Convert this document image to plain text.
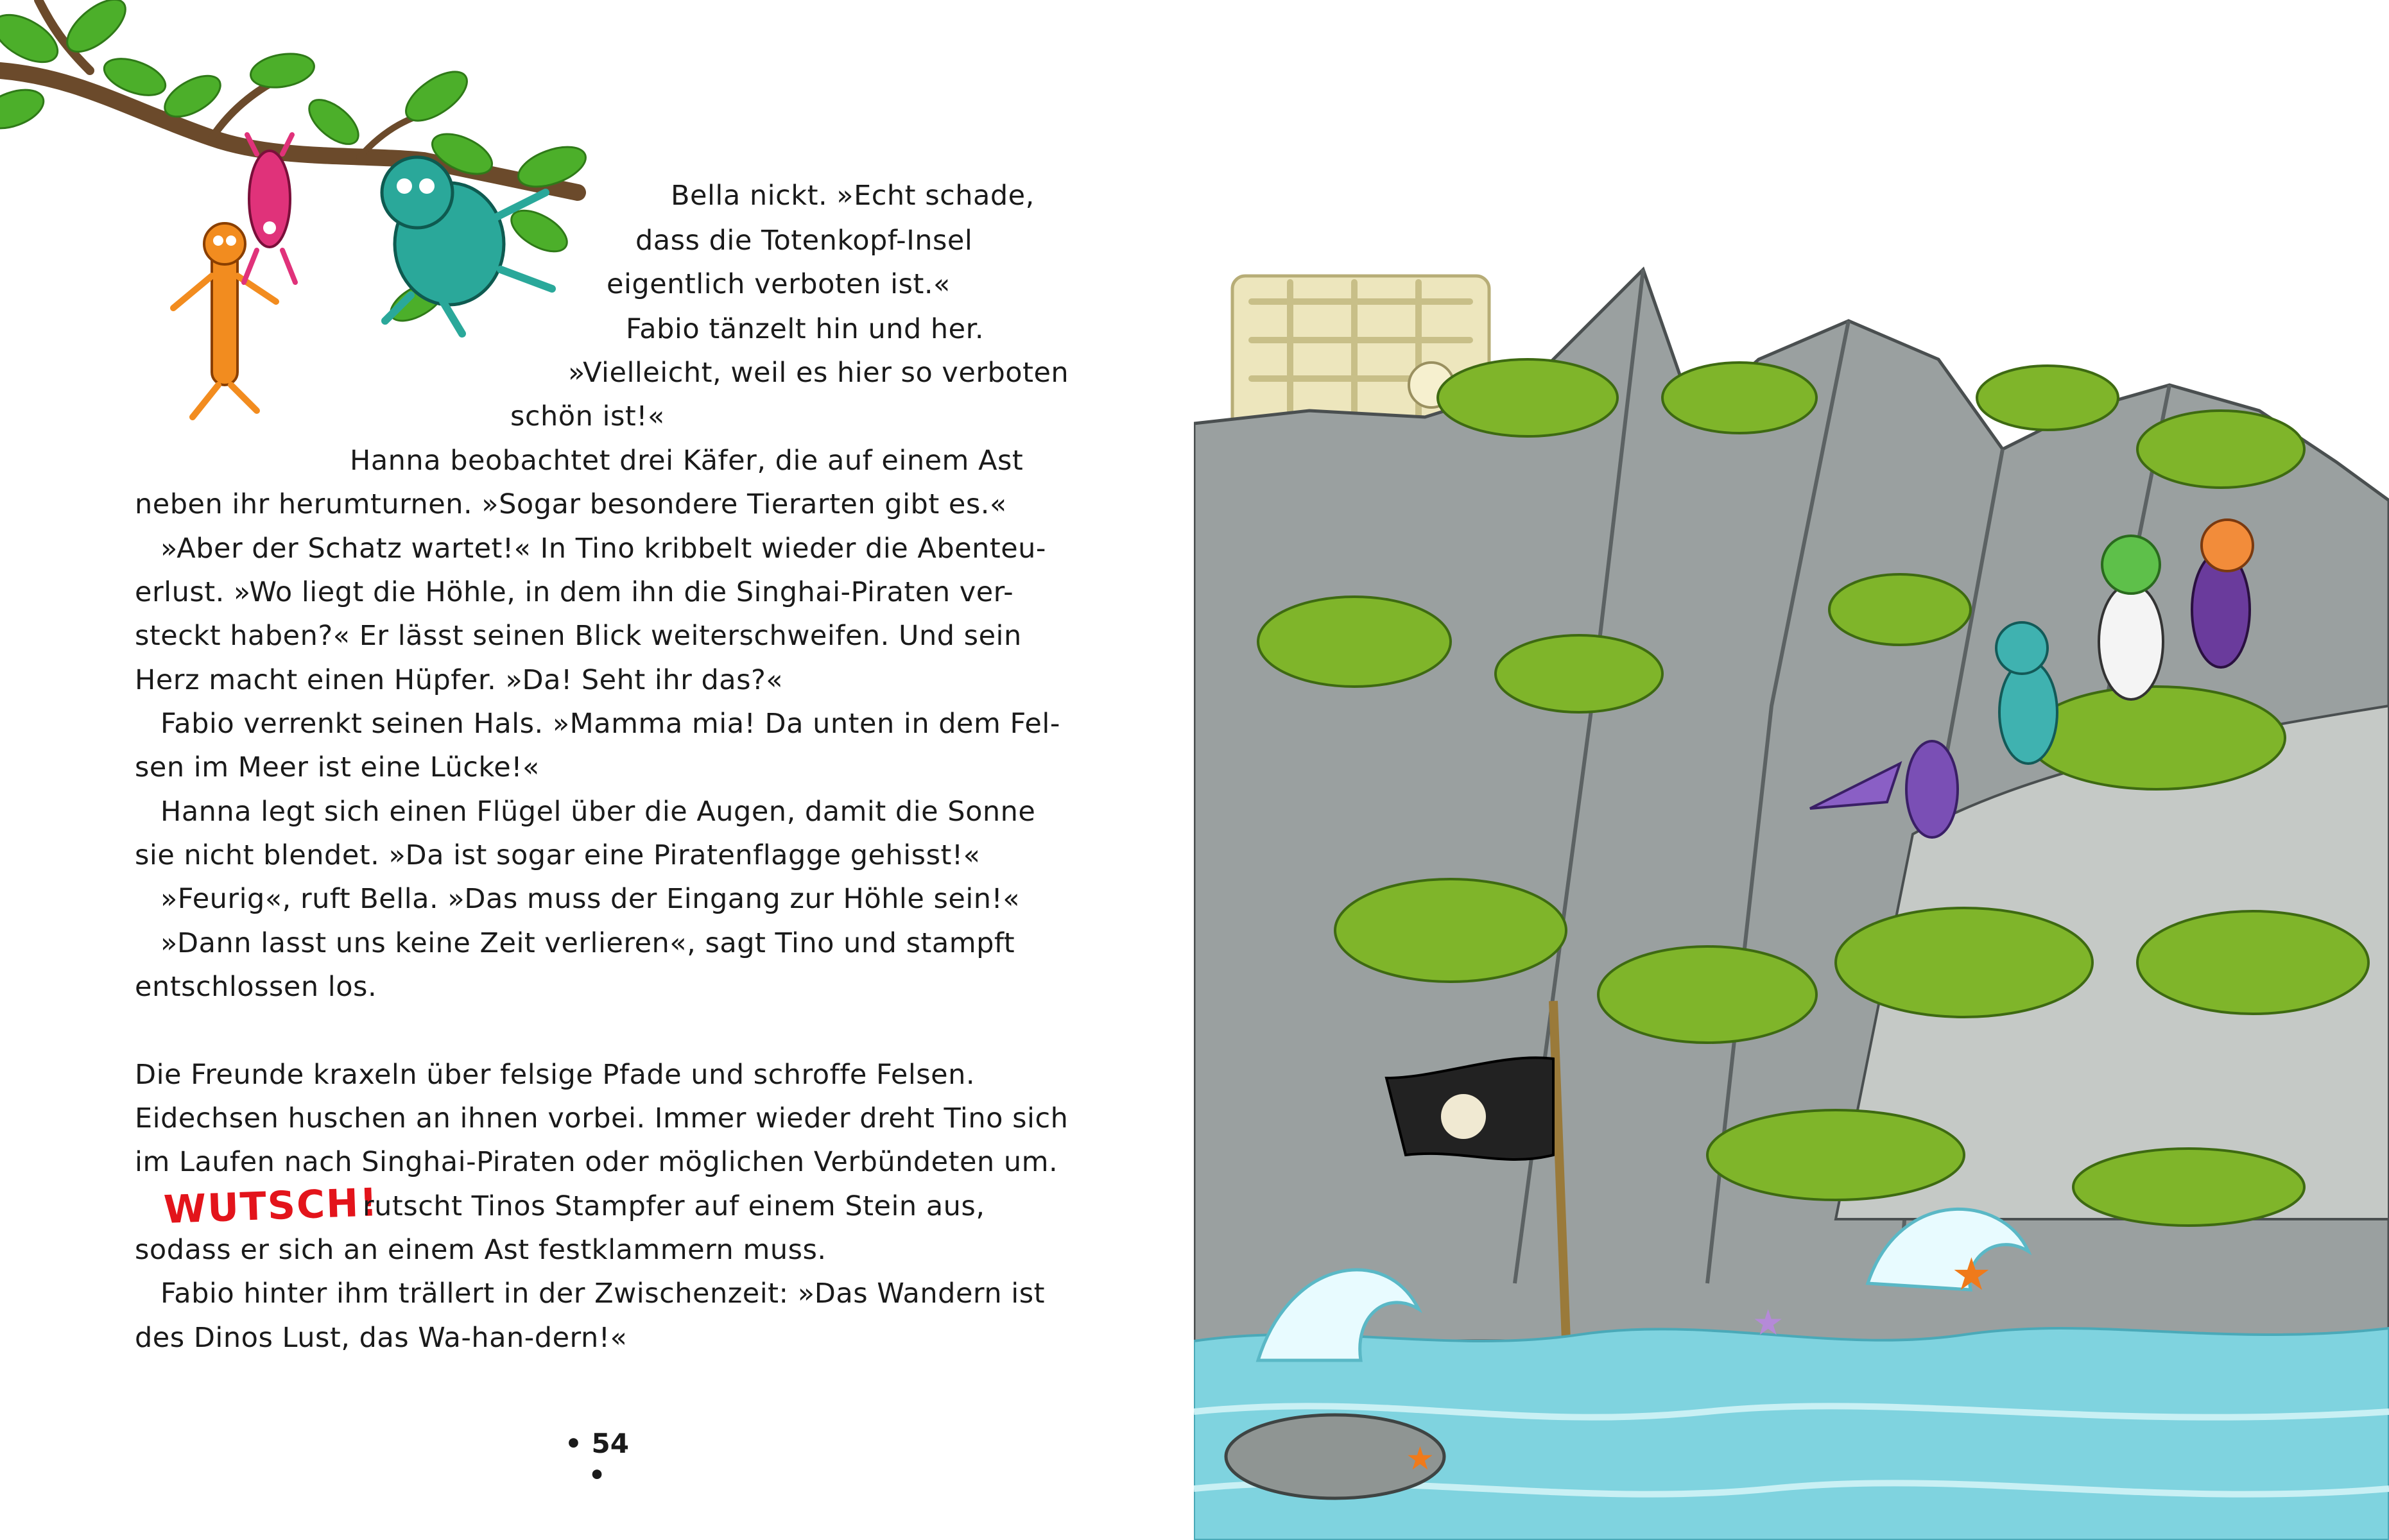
Bella nickt. »Echt schade,
dass die Totenkopf-Insel
eigentlich verboten ist.«
Fabio tänzelt hin und her.
»Vielleicht, weil es hier so verboten
schön ist!«
Hanna beobachtet drei Käfer, die auf einem Ast
neben ihr herumturnen. »Sogar besondere Tierarten gibt es.«
»Aber der Schatz wartet!« In Tino kribbelt wieder die Abenteu-
erlust. »Wo liegt die Höhle, in dem ihn die Singhai-Piraten ver-
steckt haben?« Er lässt seinen Blick weiterschweifen. Und sein
Herz macht einen Hüpfer. »Da! Seht ihr das?«
Fabio verrenkt seinen Hals. »Mamma mia! Da unten in dem Fel-
sen im Meer ist eine Lücke!«
Hanna legt sich einen Flügel über die Augen, damit die Sonne
sie nicht blendet. »Da ist sogar eine Piratenflagge gehisst!«
»Feurig«, ruft Bella. »Das muss der Eingang zur Höhle sein!«
»Dann lasst uns keine Zeit verlieren«, sagt Tino und stampft
entschlossen los.
Die Freunde kraxeln über felsige Pfade und schroffe Felsen.
Eidechsen huschen an ihnen vorbei. Immer wieder dreht Tino sich
im Laufen nach Singhai-Piraten oder möglichen Verbündeten um.
WUTSCH!
rutscht Tinos Stampfer auf einem Stein aus,
sodass er sich an einem Ast festklammern muss.
Fabio hinter ihm trällert in der Zwischenzeit: »Das Wandern ist
des Dinos Lust, das Wa-han-dern!«
• 54 •
★
★
★
